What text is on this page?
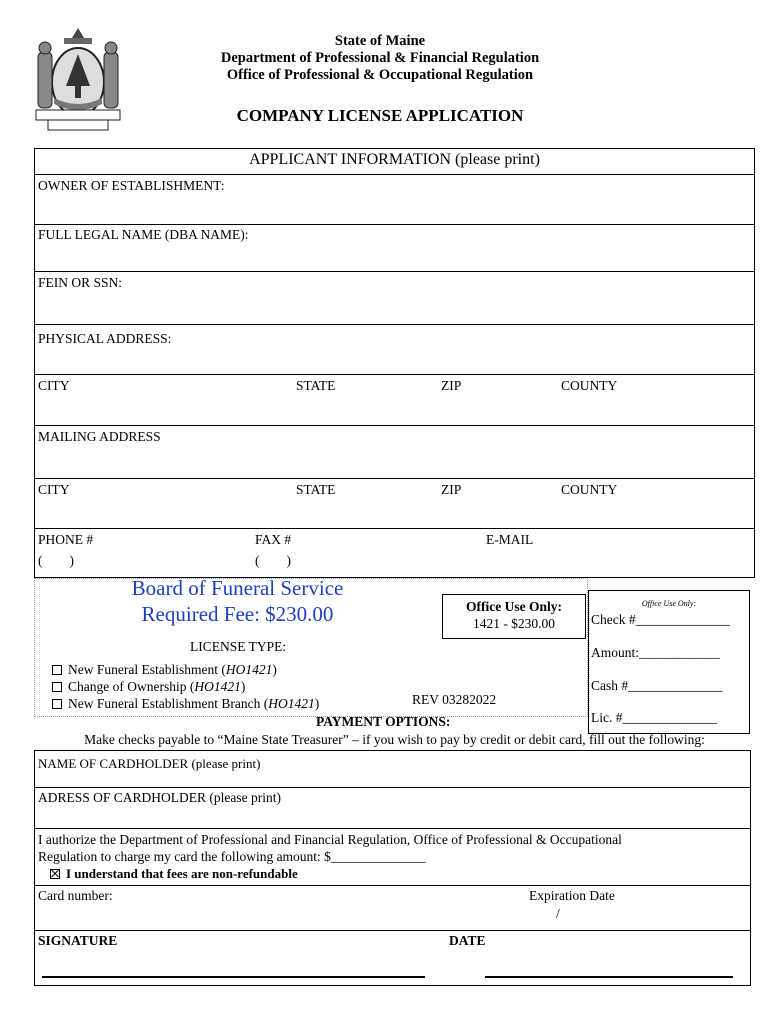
State of Maine
Department of Professional & Financial Regulation
Office of Professional & Occupational Regulation
COMPANY LICENSE APPLICATION
APPLICANT INFORMATION (please print)
OWNER OF ESTABLISHMENT:
FULL LEGAL NAME (DBA NAME):
FEIN OR SSN:
PHYSICAL ADDRESS:
CITY	STATE	ZIP	COUNTY
MAILING ADDRESS
CITY	STATE	ZIP	COUNTY
PHONE #	FAX #	E-MAIL
(        )	(        )
Board of Funeral Service
Required Fee: $230.00	Office Use Only:
1421 - $230.00
LICENSE TYPE:
New Funeral Establishment (HO1421)
Change of Ownership (HO1421)
New Funeral Establishment Branch (HO1421)	REV 03282022
Office Use Only:
Check #______________
Amount:____________
Cash #______________
Lic. #______________
PAYMENT OPTIONS:
Make checks payable to “Maine State Treasurer” – if you wish to pay by credit or debit card, fill out the following:
NAME OF CARDHOLDER (please print)
ADRESS OF CARDHOLDER (please print)
I authorize the Department of Professional and Financial Regulation, Office of Professional & Occupational
Regulation to charge my card the following amount: $______________
I understand that fees are non-refundable
Card number:	Expiration Date
/
SIGNATURE	DATE
